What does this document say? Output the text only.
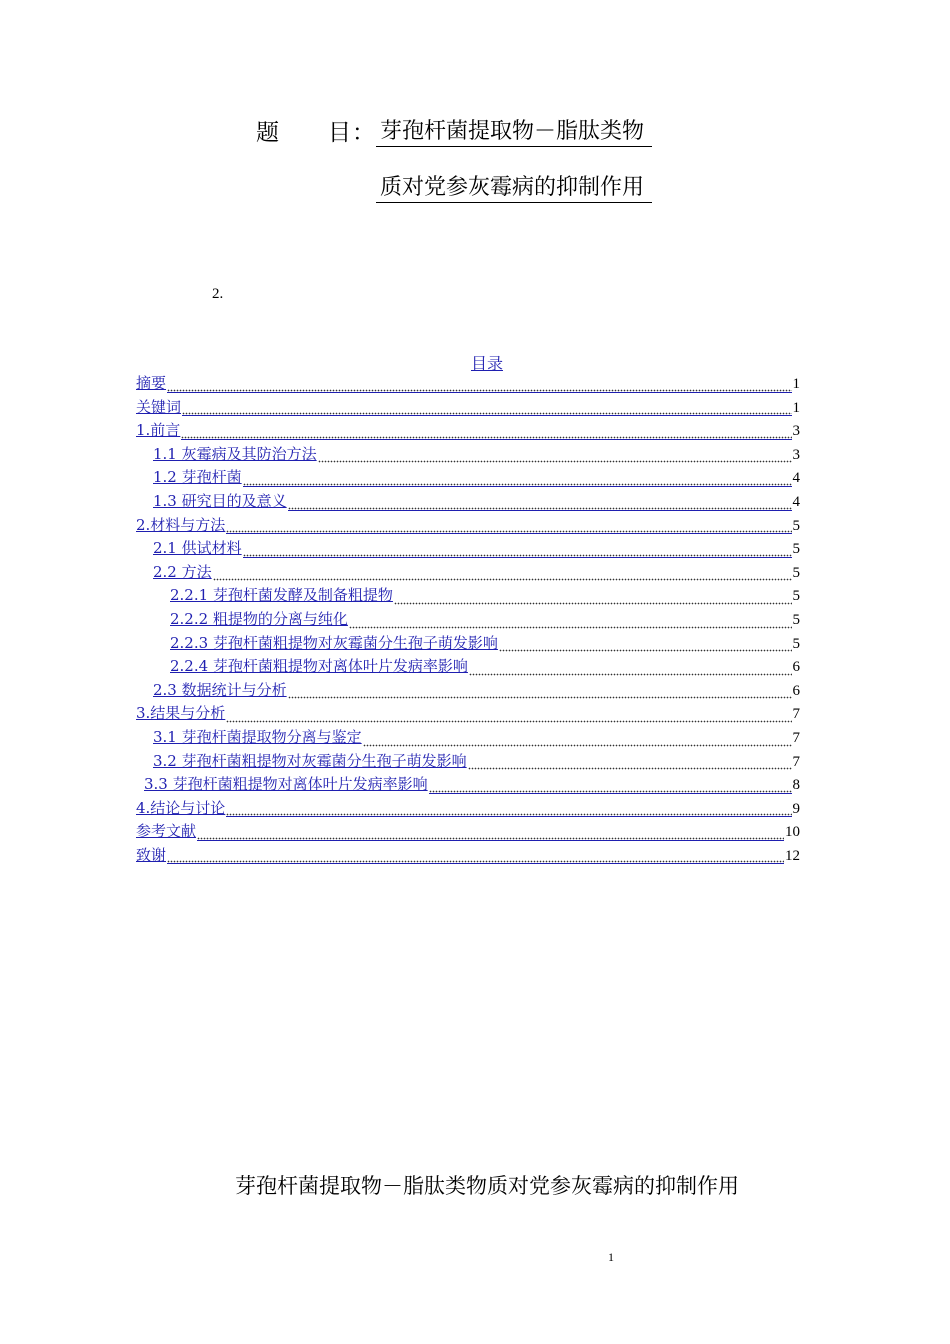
题　　目： 芽孢杆菌提取物－脂肽类物
质对党参灰霉病的抑制作用
2.
目录
摘要	1
关键词	1
1.前言	3
1.1 灰霉病及其防治方法	3
1.2 芽孢杆菌	4
1.3 研究目的及意义	4
2.材料与方法	5
2.1 供试材料	5
2.2 方法	5
2.2.1 芽孢杆菌发酵及制备粗提物	5
2.2.2 粗提物的分离与纯化	5
2.2.3 芽孢杆菌粗提物对灰霉菌分生孢子萌发影响	5
2.2.4 芽孢杆菌粗提物对离体叶片发病率影响	6
2.3 数据统计与分析	6
3.结果与分析	7
3.1 芽孢杆菌提取物分离与鉴定	7
3.2 芽孢杆菌粗提物对灰霉菌分生孢子萌发影响	7
3.3 芽孢杆菌粗提物对离体叶片发病率影响	8
4.结论与讨论	9
参考文献	10
致谢	12
芽孢杆菌提取物－脂肽类物质对党参灰霉病的抑制作用
1
